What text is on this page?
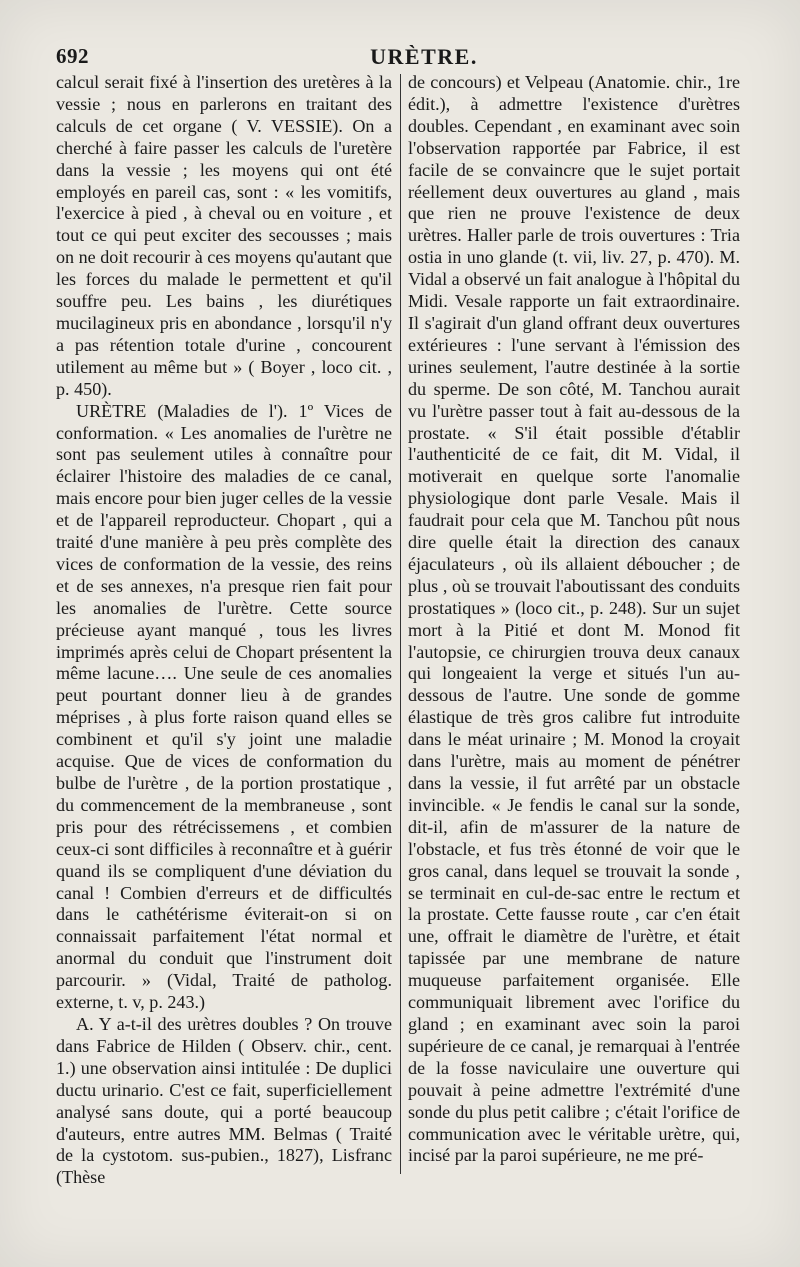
692	URÈTRE.

calcul serait fixé à l'insertion des uretères à la vessie ; nous en parlerons en traitant des calculs de cet organe ( V. VESSIE). On a cherché à faire passer les calculs de l'uretère dans la vessie ; les moyens qui ont été employés en pareil cas, sont : « les vomitifs, l'exercice à pied , à cheval ou en voiture , et tout ce qui peut exciter des secousses ; mais on ne doit recourir à ces moyens qu'autant que les forces du malade le permettent et qu'il souffre peu. Les bains , les diurétiques mucilagineux pris en abondance , lorsqu'il n'y a pas rétention totale d'urine , concourent utilement au même but » ( Boyer , loco cit. , p. 450).

URÈTRE (Maladies de l'). 1º Vices de conformation. « Les anomalies de l'urètre ne sont pas seulement utiles à connaître pour éclairer l'histoire des maladies de ce canal, mais encore pour bien juger celles de la vessie et de l'appareil reproducteur. Chopart , qui a traité d'une manière à peu près complète des vices de conformation de la vessie, des reins et de ses annexes, n'a presque rien fait pour les anomalies de l'urètre. Cette source précieuse ayant manqué , tous les livres imprimés après celui de Chopart présentent la même lacune…. Une seule de ces anomalies peut pourtant donner lieu à de grandes méprises , à plus forte raison quand elles se combinent et qu'il s'y joint une maladie acquise. Que de vices de conformation du bulbe de l'urètre , de la portion prostatique , du commencement de la membraneuse , sont pris pour des rétrécissemens , et combien ceux-ci sont difficiles à reconnaître et à guérir quand ils se compliquent d'une déviation du canal ! Combien d'erreurs et de difficultés dans le cathétérisme éviterait-on si on connaissait parfaitement l'état normal et anormal du conduit que l'instrument doit parcourir. » (Vidal, Traité de patholog. externe, t. v, p. 243.)

A. Y a-t-il des urètres doubles ? On trouve dans Fabrice de Hilden ( Observ. chir., cent. 1.) une observation ainsi intitulée : De duplici ductu urinario. C'est ce fait, superficiellement analysé sans doute, qui a porté beaucoup d'auteurs, entre autres MM. Belmas ( Traité de la cystotom. sus-pubien., 1827), Lisfranc (Thèse

de concours) et Velpeau (Anatomie. chir., 1re édit.), à admettre l'existence d'urètres doubles. Cependant , en examinant avec soin l'observation rapportée par Fabrice, il est facile de se convaincre que le sujet portait réellement deux ouvertures au gland , mais que rien ne prouve l'existence de deux urètres. Haller parle de trois ouvertures : Tria ostia in uno glande (t. vii, liv. 27, p. 470). M. Vidal a observé un fait analogue à l'hôpital du Midi. Vesale rapporte un fait extraordinaire. Il s'agirait d'un gland offrant deux ouvertures extérieures : l'une servant à l'émission des urines seulement, l'autre destinée à la sortie du sperme. De son côté, M. Tanchou aurait vu l'urètre passer tout à fait au-dessous de la prostate. « S'il était possible d'établir l'authenticité de ce fait, dit M. Vidal, il motiverait en quelque sorte l'anomalie physiologique dont parle Vesale. Mais il faudrait pour cela que M. Tanchou pût nous dire quelle était la direction des canaux éjaculateurs , où ils allaient déboucher ; de plus , où se trouvait l'aboutissant des conduits prostatiques » (loco cit., p. 248). Sur un sujet mort à la Pitié et dont M. Monod fit l'autopsie, ce chirurgien trouva deux canaux qui longeaient la verge et situés l'un au-dessous de l'autre. Une sonde de gomme élastique de très gros calibre fut introduite dans le méat urinaire ; M. Monod la croyait dans l'urètre, mais au moment de pénétrer dans la vessie, il fut arrêté par un obstacle invincible. « Je fendis le canal sur la sonde, dit-il, afin de m'assurer de la nature de l'obstacle, et fus très étonné de voir que le gros canal, dans lequel se trouvait la sonde , se terminait en cul-de-sac entre le rectum et la prostate. Cette fausse route , car c'en était une, offrait le diamètre de l'urètre, et était tapissée par une membrane de nature muqueuse parfaitement organisée. Elle communiquait librement avec l'orifice du gland ; en examinant avec soin la paroi supérieure de ce canal, je remarquai à l'entrée de la fosse naviculaire une ouverture qui pouvait à peine admettre l'extrémité d'une sonde du plus petit calibre ; c'était l'orifice de communication avec le véritable urètre, qui, incisé par la paroi supérieure, ne me pré-
